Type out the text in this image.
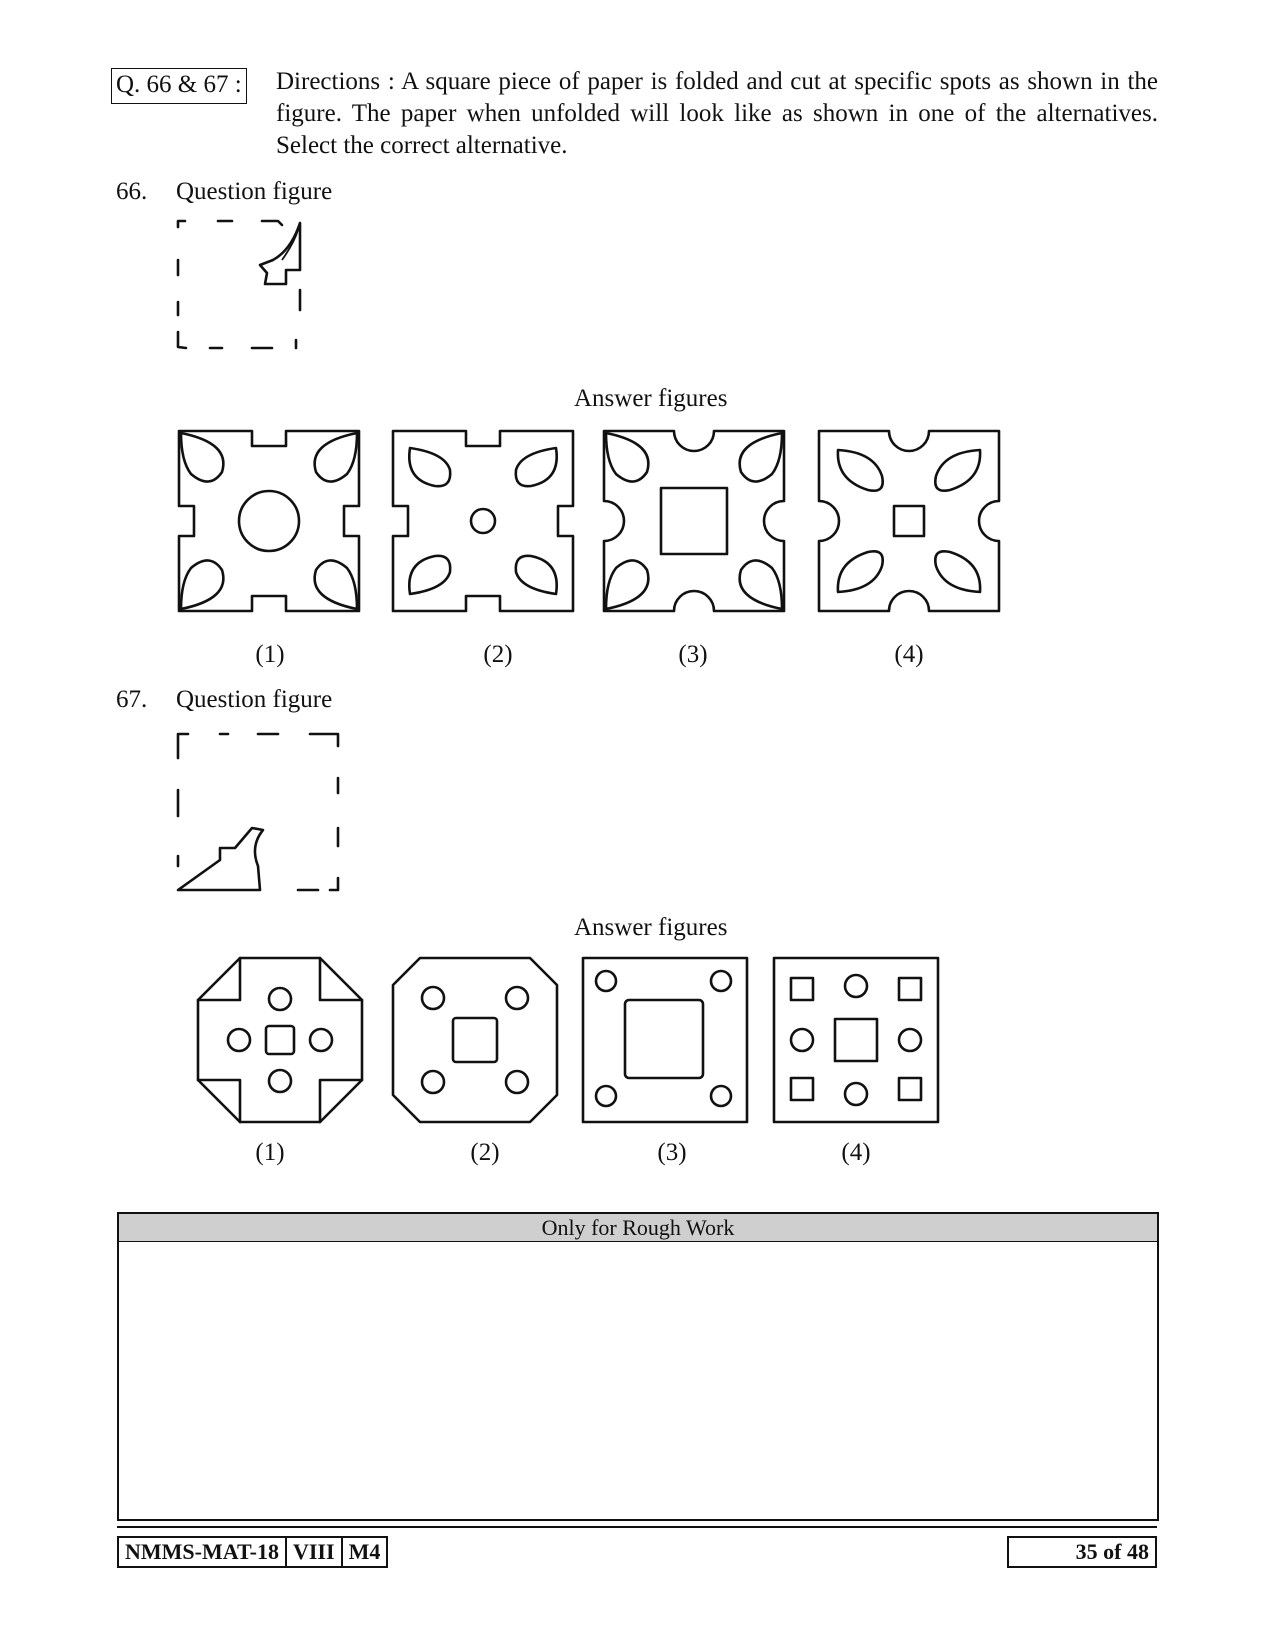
Q. 66 & 67 : Directions : A square piece of paper is folded and cut at specific spots as shown in the figure. The paper when unfolded will look like as shown in one of the alternatives. Select the correct alternative.
66. Question figure
Answer figures
(1)	(2)	(3)	(4)
67. Question figure
Answer figures
(1)	(2)	(3)	(4)
Only for Rough Work
NMMS-MAT-18 VIII M4	35 of 48
